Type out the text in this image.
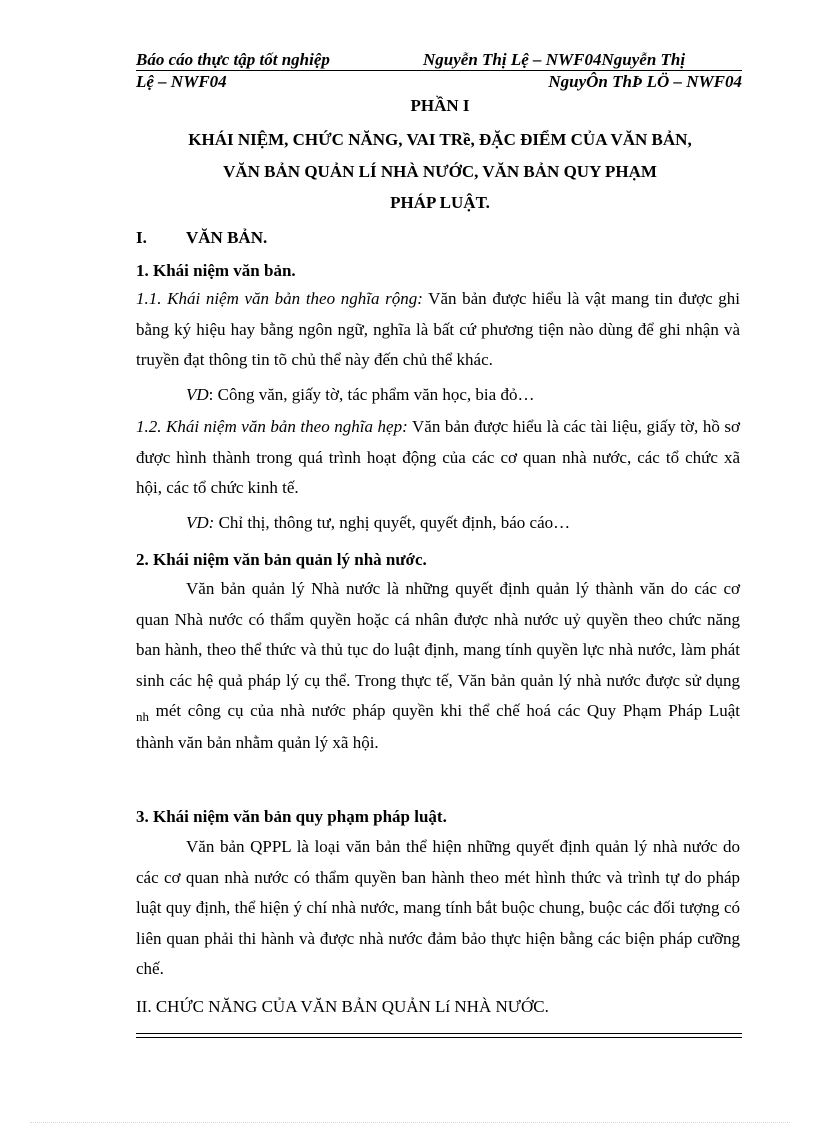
Báo cáo thực tập tốt nghiệp	Nguyễn Thị Lệ – NWF04Nguyễn Thị
Lệ – NWF04	NguyÔn ThÞ LÖ – NWF04
PHẦN I
KHÁI NIỆM, CHỨC NĂNG, VAI TRề, ĐẶC ĐIỂM CỦA VĂN BẢN,
VĂN BẢN QUẢN LÍ NHÀ NƯỚC, VĂN BẢN QUY PHẠM
PHÁP LUẬT.
I. VĂN BẢN.
1. Khái niệm văn bản.

1.1. Khái niệm văn bản theo nghĩa rộng: Văn bản được hiểu là vật mang tin được ghi bằng ký hiệu hay bằng ngôn ngữ, nghĩa là bất cứ phương tiện nào dùng để ghi nhận và truyền đạt thông tin tõ chủ thể này đến chủ thể khác.

VD: Công văn, giấy tờ, tác phẩm văn học, bia đỏ…

1.2. Khái niệm văn bản theo nghĩa hẹp: Văn bản được hiểu là các tài liệu, giấy tờ, hồ sơ được hình thành trong quá trình hoạt động của các cơ quan nhà nước, các tổ chức xã hội, các tổ chức kinh tế.

VD: Chỉ thị, thông tư, nghị quyết, quyết định, báo cáo…

2. Khái niệm văn bản quản lý nhà nước.

Văn bản quản lý Nhà nước là những quyết định quản lý thành văn do các cơ quan Nhà nước có thẩm quyền hoặc cá nhân được nhà nước uỷ quyền theo chức năng ban hành, theo thể thức và thủ tục do luật định, mang tính quyền lực nhà nước, làm phát sinh các hệ quả pháp lý cụ thể. Trong thực tế, Văn bản quản lý nhà nước được sử dụng $_{nh}$ mét công cụ của nhà nước pháp quyền khi thể chế hoá các Quy Phạm Pháp Luật thành văn bản nhằm quản lý xã hội.

3. Khái niệm văn bản quy phạm pháp luật.

Văn bản QPPL là loại văn bản thể hiện những quyết định quản lý nhà nước do các cơ quan nhà nước có thẩm quyền ban hành theo mét hình thức và trình tự do pháp luật quy định, thể hiện ý chí nhà nước, mang tính bắt buộc chung, buộc các đối tượng có liên quan phải thi hành và được nhà nước đảm bảo thực hiện bằng các biện pháp cưỡng chế.

II. CHỨC NĂNG CỦA VĂN BẢN QUẢN Lí NHÀ NƯỚC.
